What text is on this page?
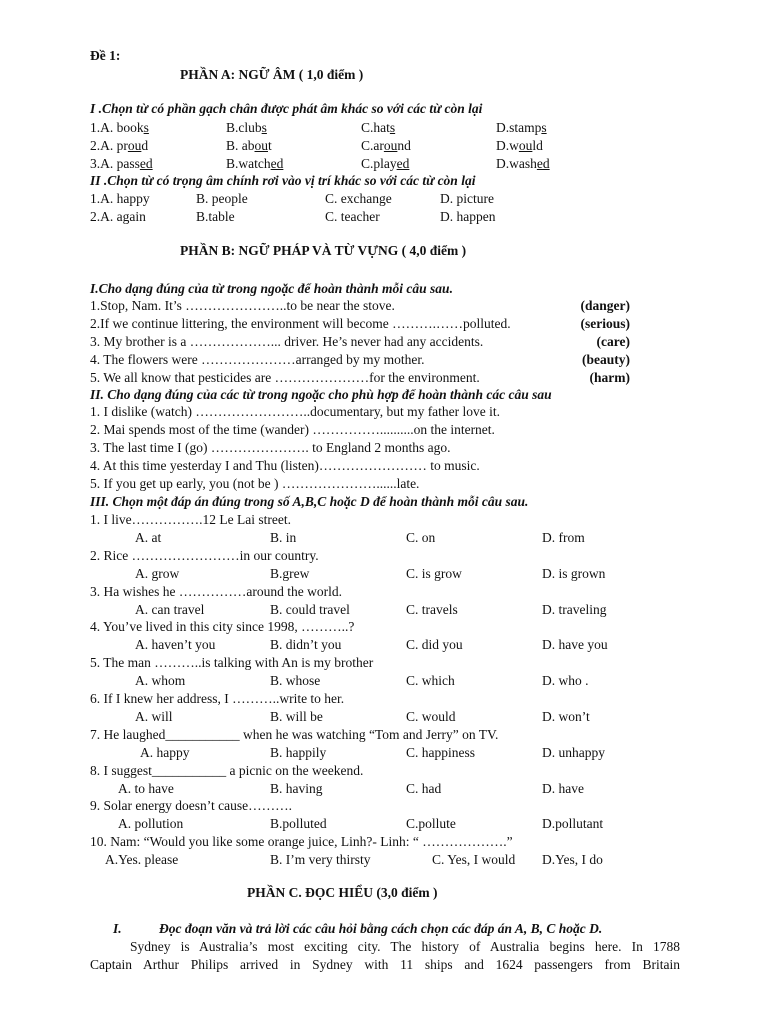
Đề 1:
PHẦN A: NGỮ ÂM ( 1,0 điểm )
I .Chọn từ có phần gạch chân được phát âm khác so với các từ còn lại
1.A. books	B.clubs	C.hats	D.stamps
2.A. proud	B. about	C.around	D.would
3.A. passed	B.watched	C.played	D.washed
II .Chọn từ có trọng âm chính rơi vào vị trí khác so với các từ còn lại
1.A. happy	B. people	C. exchange	D. picture
2.A. again	B.table	C. teacher	D. happen
PHẦN B: NGỮ PHÁP VÀ TỪ VỰNG ( 4,0 điểm )
I.Cho dạng đúng của từ trong ngoặc để hoàn thành mỗi câu sau.
1.Stop, Nam. It’s …………………..to be near the stove.	(danger)
2.If we continue littering, the environment will become ……….……polluted.	(serious)
3. My brother is a ………………... driver. He’s never had any accidents.	(care)
4. The flowers were …………………arranged by my mother.	(beauty)
5. We all know that pesticides are …………………for the environment.	(harm)
II. Cho dạng đúng của các từ trong ngoặc cho phù hợp để hoàn thành các câu sau
1. I dislike (watch) ……………………..documentary, but my father love it.
2. Mai spends most of the time (wander) ……………..........on the internet.
3. The last time I (go) …………………. to England 2 months ago.
4. At this time yesterday I and Thu (listen)…………………… to music.
5. If you get up early, you (not be ) …………………......late.
III. Chọn một đáp án đúng trong số A,B,C hoặc D để hoàn thành mỗi câu sau.
1. I live…………….12 Le Lai street.
A. at	B. in	C. on	D. from
2. Rice ……………………in our country.
A. grow	B.grew	C. is grow	D. is grown
3. Ha wishes he ……………around the world.
A. can travel	B. could travel	C. travels	D. traveling
4. You’ve lived in this city since 1998, ………..?
A. haven’t you	B. didn’t you	C. did you	D. have you
5. The man ………..is talking with An is my brother
A. whom	B. whose	C. which	D. who .
6. If I knew her address, I ………..write to her.
A. will	B. will be	C. would	D. won’t
7. He laughed___________ when he was watching “Tom and Jerry” on TV.
A. happy	B. happily	C. happiness	D. unhappy
8. I suggest___________ a picnic on the weekend.
A. to have	B. having	C. had	D. have
9. Solar energy doesn’t cause……….
A. pollution	B.polluted	C.pollute	D.pollutant
10. Nam: “Would you like some orange juice, Linh?- Linh: “ ……………….”
A.Yes. please	B. I’m very thirsty	C. Yes, I would D.Yes, I do
PHẦN C. ĐỌC HIỂU (3,0 điểm )
I.	Đọc đoạn văn và trả lời các câu hỏi bằng cách chọn các đáp án A, B, C hoặc D.
Sydney is Australia’s most exciting city. The history of Australia begins here. In 1788
Captain Arthur Philips arrived in Sydney with 11 ships and 1624 passengers from Britain
